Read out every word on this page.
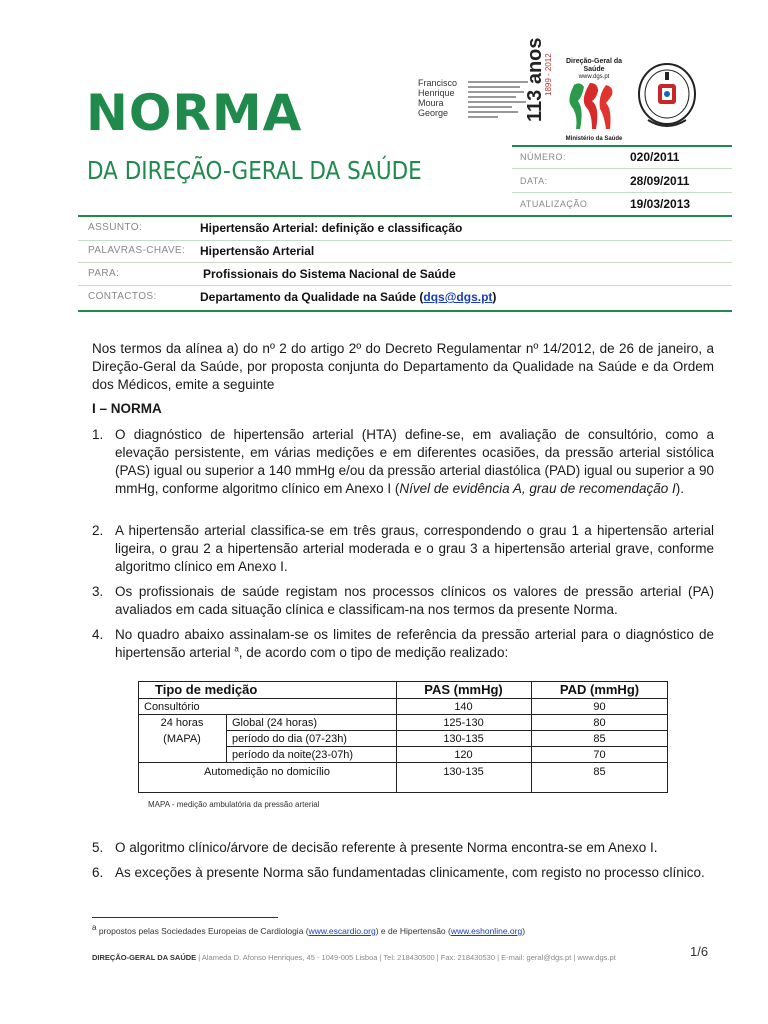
NORMA
DA DIREÇÃO-GERAL DA SAÚDE
Francisco
Henrique
Moura
George	113 anos
1899 - 2012	Direção-Geral da Saúde
www.dgs.pt
Ministério da Saúde
NÚMERO:	020/2011
DATA:	28/09/2011
ATUALIZAÇÃO	19/03/2013
ASSUNTO:	Hipertensão Arterial: definição e classificação
PALAVRAS-CHAVE: Hipertensão Arterial
PARA:	Profissionais do Sistema Nacional de Saúde
CONTACTOS:	Departamento da Qualidade na Saúde (dqs@dgs.pt)
Nos termos da alínea a) do nº 2 do artigo 2º do Decreto Regulamentar nº 14/2012, de 26 de janeiro, a Direção-Geral da Saúde, por proposta conjunta do Departamento da Qualidade na Saúde e da Ordem dos Médicos, emite a seguinte
I – NORMA
1. O diagnóstico de hipertensão arterial (HTA) define-se, em avaliação de consultório, como a elevação persistente, em várias medições e em diferentes ocasiões, da pressão arterial sistólica (PAS) igual ou superior a 140 mmHg e/ou da pressão arterial diastólica (PAD) igual ou superior a 90 mmHg, conforme algoritmo clínico em Anexo I (Nível de evidência A, grau de recomendação I).
2. A hipertensão arterial classifica-se em três graus, correspondendo o grau 1 a hipertensão arterial ligeira, o grau 2 a hipertensão arterial moderada e o grau 3 a hipertensão arterial grave, conforme algoritmo clínico em Anexo I.
3. Os profissionais de saúde registam nos processos clínicos os valores de pressão arterial (PA) avaliados em cada situação clínica e classificam-na nos termos da presente Norma.
4. No quadro abaixo assinalam-se os limites de referência da pressão arterial para o diagnóstico de hipertensão arterial $^a$, de acordo com o tipo de medição realizado:
Tipo de medição	PAS (mmHg)	PAD (mmHg)
Consultório	140	90
24 horas
(MAPA)
Global (24 horas)	125-130	80
período do dia (07-23h)	130-135	85
período da noite(23-07h)	120	70
Automedição no domicílio	130-135	85
MAPA - medição ambulatória da pressão arterial
5. O algoritmo clínico/árvore de decisão referente à presente Norma encontra-se em Anexo I.
6. As exceções à presente Norma são fundamentadas clinicamente, com registo no processo clínico.
a propostos pelas Sociedades Europeias de Cardiologia (www.escardio.org) e de Hipertensão (www.eshonline.org)
DIREÇÃO-GERAL DA SAÚDE | Alameda D. Afonso Henriques, 45 - 1049-005 Lisboa | Tel: 218430500 | Fax: 218430530 | E-mail: geral@dgs.pt | www.dgs.pt	1/6
